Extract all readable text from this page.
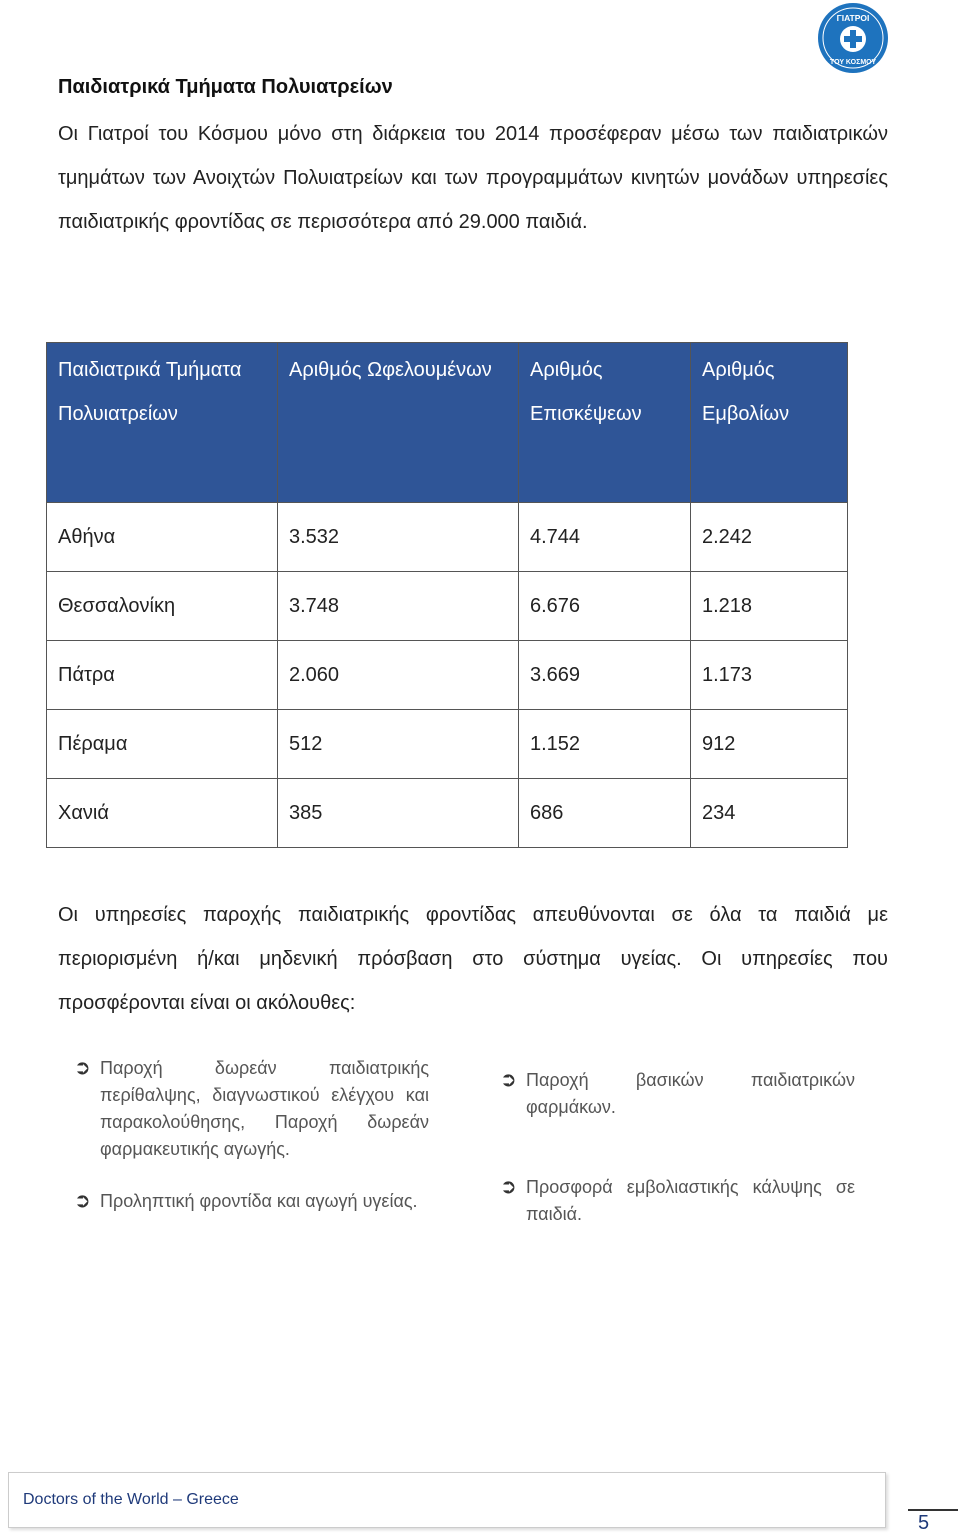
ΓΙΑΤΡΟΙ
ΤΟΥ ΚΟΣΜΟΥ
Παιδιατρικά Τμήματα Πολυιατρείων
Οι Γιατροί του Κόσμου μόνο στη διάρκεια του 2014 προσέφεραν μέσω των παιδιατρικών τμημάτων των Ανοιχτών Πολυιατρείων και των προγραμμάτων κινητών μονάδων υπηρεσίες παιδιατρικής φροντίδας σε περισσότερα από 29.000 παιδιά.
Παιδιατρικά Τμήματα Πολυιατρείων	Αριθμός Ωφελουμένων	Αριθμός Επισκέψεων	Αριθμός Εμβολίων
Αθήνα	3.532	4.744	2.242
Θεσσαλονίκη	3.748	6.676	1.218
Πάτρα	2.060	3.669	1.173
Πέραμα	512	1.152	912
Χανιά	385	686	234
Οι υπηρεσίες παροχής παιδιατρικής φροντίδας απευθύνονται σε όλα τα παιδιά με περιορισμένη ή/και μηδενική πρόσβαση στο σύστημα υγείας. Οι υπηρεσίες που προσφέρονται είναι οι ακόλουθες:
➲ Παροχή δωρεάν παιδιατρικής περίθαλψης, διαγνωστικού ελέγχου και παρακολούθησης, Παροχή δωρεάν φαρμακευτικής αγωγής.
➲ Προληπτική φροντίδα και αγωγή υγείας.
➲ Παροχή βασικών παιδιατρικών φαρμάκων.
➲ Προσφορά εμβολιαστικής κάλυψης σε παιδιά.
Doctors of the World – Greece
5
